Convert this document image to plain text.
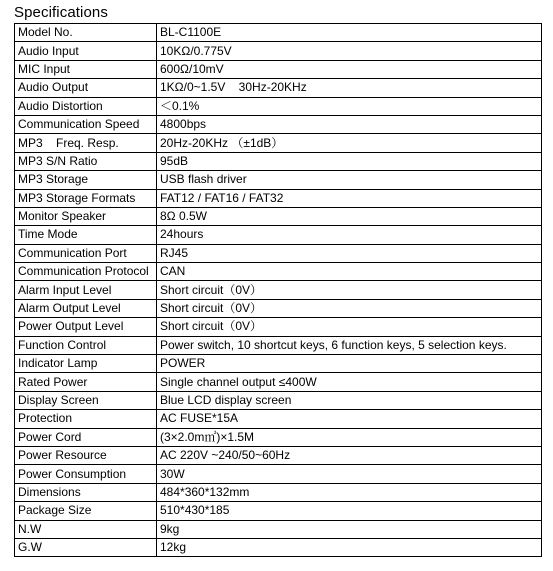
Specifications
Model No.	BL-C1100E
Audio Input	10KΩ/0.775V
MIC Input	600Ω/10mV
Audio Output	1KΩ/0~1.5V    30Hz-20KHz
Audio Distortion	＜0.1%
Communication Speed	4800bps
MP3    Freq. Resp.	20Hz-20KHz （±1dB）
MP3 S/N Ratio	95dB
MP3 Storage	USB flash driver
MP3 Storage Formats	FAT12 / FAT16 / FAT32
Monitor Speaker	8Ω 0.5W
Time Mode	24hours
Communication Port	RJ45
Communication Protocol	CAN
Alarm Input Level	Short circuit（0V）
Alarm Output Level	Short circuit（0V）
Power Output Level	Short circuit（0V）
Function Control	Power switch, 10 shortcut keys, 6 function keys, 5 selection keys.
Indicator Lamp	POWER
Rated Power	Single channel output ≤400W
Display Screen	Blue LCD display screen
Protection	AC FUSE*15A
Power Cord	(3×2.0m㎡)×1.5M
Power Resource	AC 220V ~240/50~60Hz
Power Consumption	30W
Dimensions	484*360*132mm
Package Size	510*430*185
N.W	9kg
G.W	12kg
